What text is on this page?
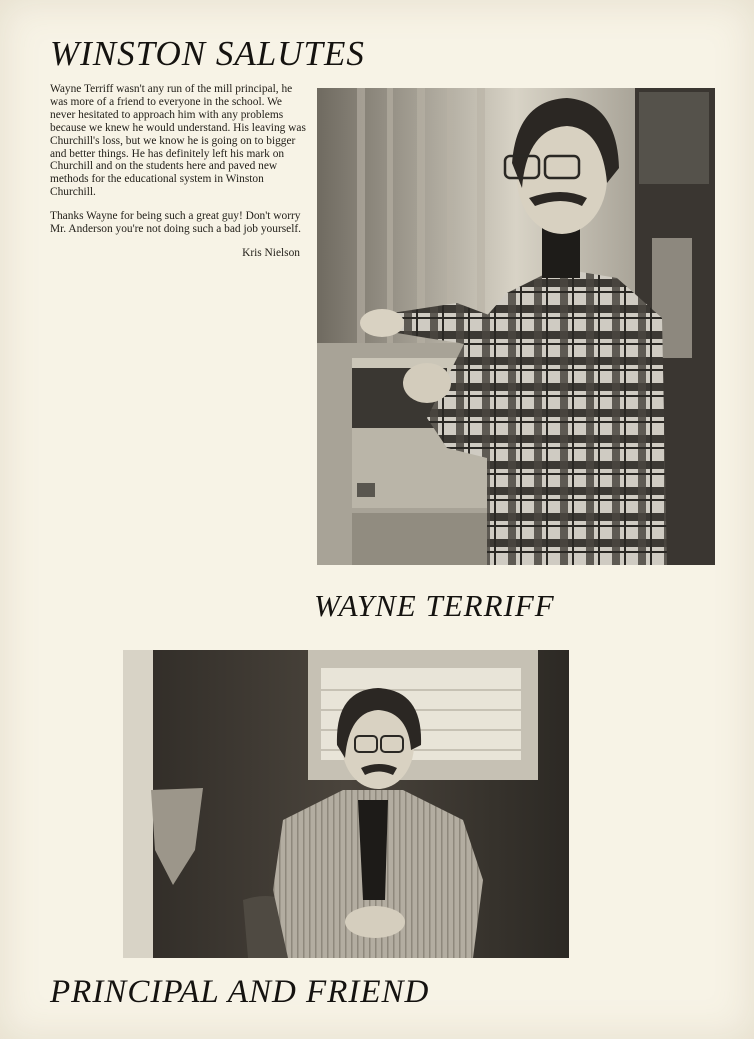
WINSTON SALUTES

Wayne Terriff wasn't any run of the mill principal, he was more of a friend to everyone in the school. We never hesitated to approach him with any problems because we knew he would understand. His leaving was Churchill's loss, but we know he is going on to bigger and better things. He has definitely left his mark on Churchill and on the students here and paved new methods for the educational system in Winston Churchill.

Thanks Wayne for being such a great guy! Don't worry Mr. Anderson you're not doing such a bad job yourself.

Kris Nielson
WAYNE TERRIFF
PRINCIPAL AND FRIEND
